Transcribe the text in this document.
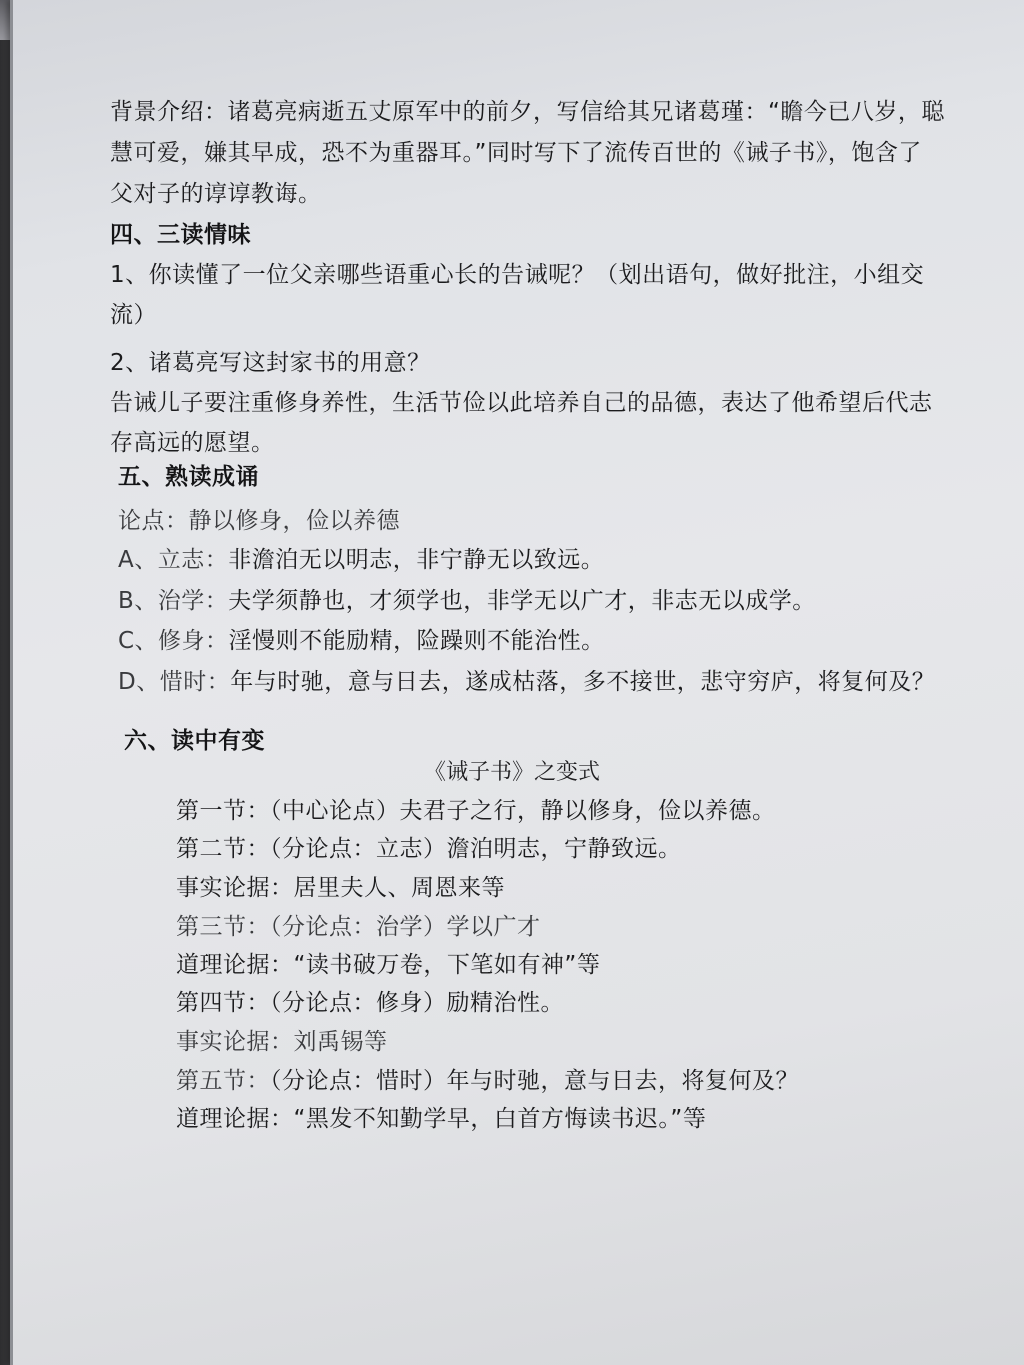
背景介绍：诸葛亮病逝五丈原军中的前夕，写信给其兄诸葛瑾：“瞻今已八岁，聪
慧可爱，嫌其早成，恐不为重器耳。”同时写下了流传百世的《诫子书》，饱含了
父对子的谆谆教诲。
四、三读情味
1、你读懂了一位父亲哪些语重心长的告诫呢？（划出语句，做好批注，小组交
流）
2、诸葛亮写这封家书的用意？
告诫儿子要注重修身养性，生活节俭以此培养自己的品德，表达了他希望后代志
存高远的愿望。
五、熟读成诵
论点：静以修身，俭以养德
A、立志：非澹泊无以明志，非宁静无以致远。
B、治学：夫学须静也，才须学也，非学无以广才，非志无以成学。
C、修身：淫慢则不能励精，险躁则不能治性。
D、惜时：年与时驰，意与日去，遂成枯落，多不接世，悲守穷庐，将复何及？
六、读中有变
《诫子书》之变式
第一节：（中心论点）夫君子之行，静以修身，俭以养德。
第二节：（分论点：立志）澹泊明志，宁静致远。
事实论据：居里夫人、周恩来等
第三节：（分论点：治学）学以广才
道理论据：“读书破万卷，下笔如有神”等
第四节：（分论点：修身）励精治性。
事实论据：刘禹锡等
第五节：（分论点：惜时）年与时驰，意与日去，将复何及？
道理论据：“黑发不知勤学早，白首方悔读书迟。”等
